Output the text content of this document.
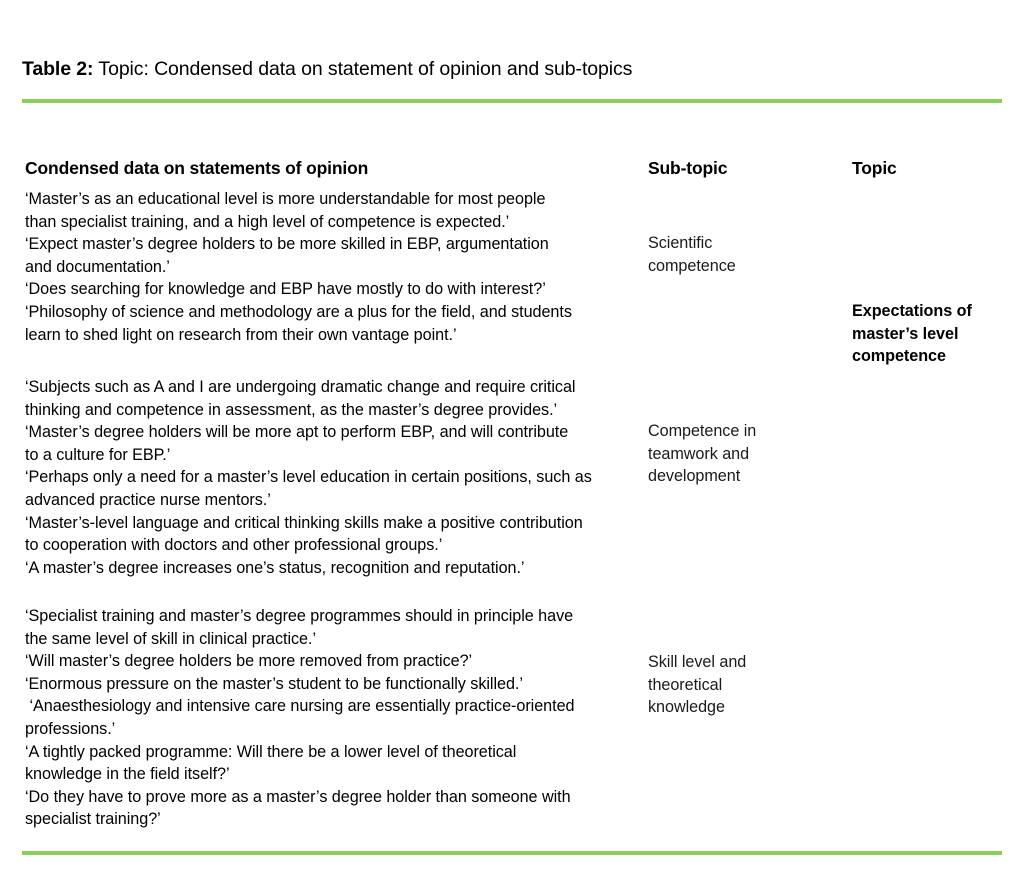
Table 2: Topic: Condensed data on statement of opinion and sub-topics
Condensed data on statements of opinion	Sub-topic	Topic
‘Master’s as an educational level is more understandable for most people
than specialist training, and a high level of competence is expected.’
‘Expect master’s degree holders to be more skilled in EBP, argumentation
and documentation.’
‘Does searching for knowledge and EBP have mostly to do with interest?’
‘Philosophy of science and methodology are a plus for the field, and students
learn to shed light on research from their own vantage point.’
Scientific
competence
Expectations of
master’s level
competence
‘Subjects such as A and I are undergoing dramatic change and require critical
thinking and competence in assessment, as the master’s degree provides.’
‘Master’s degree holders will be more apt to perform EBP, and will contribute
to a culture for EBP.’
‘Perhaps only a need for a master’s level education in certain positions, such as
advanced practice nurse mentors.’
‘Master’s-level language and critical thinking skills make a positive contribution
to cooperation with doctors and other professional groups.’
‘A master’s degree increases one’s status, recognition and reputation.’
Competence in
teamwork and
development
‘Specialist training and master’s degree programmes should in principle have
the same level of skill in clinical practice.’
‘Will master’s degree holders be more removed from practice?’
‘Enormous pressure on the master’s student to be functionally skilled.’
‘Anaesthesiology and intensive care nursing are essentially practice-oriented
professions.’
‘A tightly packed programme: Will there be a lower level of theoretical
knowledge in the field itself?’
‘Do they have to prove more as a master’s degree holder than someone with
specialist training?’
Skill level and
theoretical
knowledge
